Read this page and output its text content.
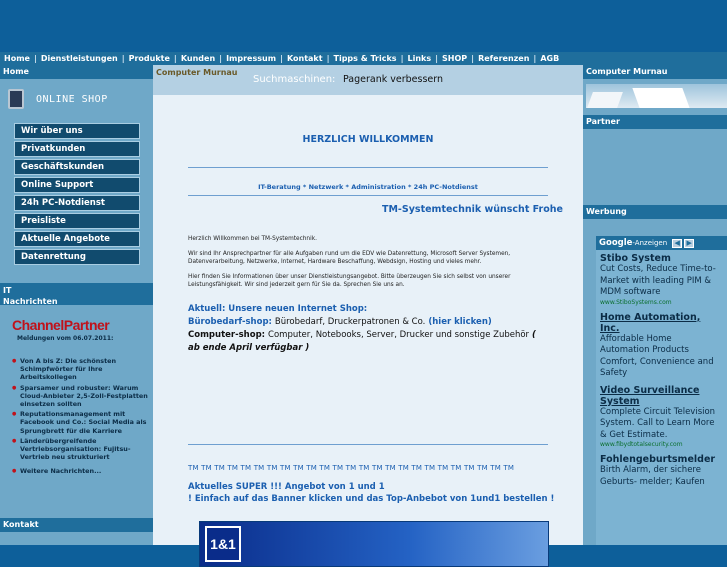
Home | Dienstleistungen | Produkte | Kunden | Impressum | Kontakt | Tipps & Tricks | Links | SHOP | Referenzen | AGB
Home
ONLINE SHOP
Wir über uns
Privatkunden
Geschäftskunden
Online Support
24h PC-Notdienst
Preisliste
Aktuelle Angebote
Datenrettung
IT
Nachrichten
ChannelPartner
Meldungen vom 06.07.2011:
● Von A bis Z: Die schönsten Schimpfwörter für Ihre Arbeitskollegen
● Sparsamer und robuster: Warum Cloud-Anbieter 2,5-Zoll-Festplatten einsetzen sollten
● Reputationsmanagement mit Facebook und Co.: Social Media als Sprungbrett für die Karriere
● Länderübergreifende Vertriebsorganisation: Fujitsu-Vertrieb neu strukturiert
● Weitere Nachrichten...
Kontakt
Computer Murnau
Suchmaschinen: Pagerank verbessern
HERZLICH WILLKOMMEN
IT-Beratung * Netzwerk * Administration * 24h PC-Notdienst
TM-Systemtechnik wünscht Frohe

Herzlich Willkommen bei TM-Systemtechnik.

Wir sind Ihr Ansprechpartner für alle Aufgaben rund um die EDV wie Datenrettung, Microsoft Server Systemen, Datenverarbeitung, Netzwerke, Internet, Hardware Beschaffung, Webdsign, Hosting und vieles mehr.

Hier finden Sie Informationen über unser Dienstleistungsangebot. Bitte überzeugen Sie sich selbst von unserer Leistungsfähigkeit. Wir sind jederzeit gern für Sie da. Sprechen Sie uns an.

Aktuell: Unsere neuen Internet Shop:
Bürobedarf-shop: Bürobedarf, Druckerpatronen & Co. (hier klicken)
Computer-shop: Computer, Notebooks, Server, Drucker und sonstige Zubehör ( ab ende April verfügbar )
TM TM TM TM TM TM TM TM TM TM TM TM TM TM TM TM TM TM TM TM TM TM TM TM TM
Aktuelles SUPER !!! Angebot von 1 und 1
! Einfach auf das Banner klicken und das Top-Anbebot von 1und1 bestellen !
1&1
Computer Murnau
Partner
Werbung
Google -Anzeigen	◀ ▶
Stibo System
Cut Costs, Reduce Time-to-Market with leading PIM & MDM software
www.StiboSystems.com
Home Automation, Inc.
Affordable Home Automation Products Comfort, Convenience and Safety
Video Surveillance System
Complete Circuit Television System. Call to Learn More & Get Estimate.
www.fibydtotalsecurity.com
Fohlengeburtsmelder
Birth Alarm, der sichere Geburts- melder; Kaufen
